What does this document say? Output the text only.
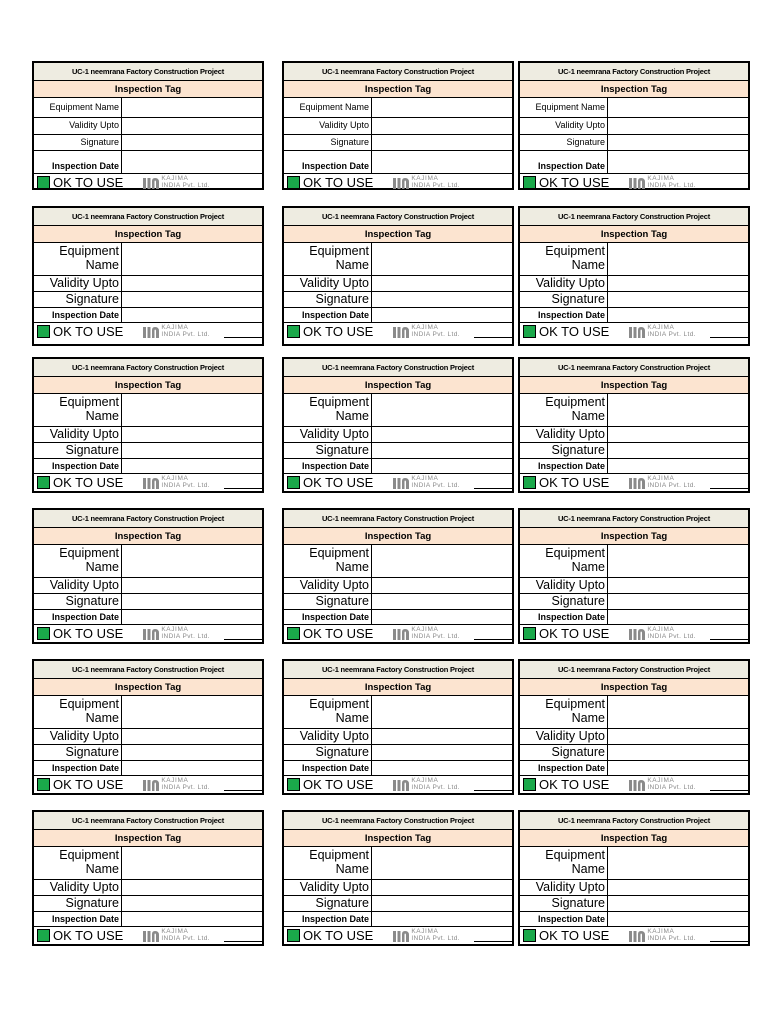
UC-1 neemrana Factory Construction Project
Inspection Tag
Equipment Name
Validity Upto
Signature
Inspection Date
OK TO USE	KAJIMA
INDIA Pvt. Ltd.
UC-1 neemrana Factory Construction Project
Inspection Tag
Equipment Name
Validity Upto
Signature
Inspection Date
OK TO USE	KAJIMA
INDIA Pvt. Ltd.
UC-1 neemrana Factory Construction Project
Inspection Tag
Equipment Name
Validity Upto
Signature
Inspection Date
OK TO USE	KAJIMA
INDIA Pvt. Ltd.
UC-1 neemrana Factory Construction Project
Inspection Tag
Equipment
Name
Validity Upto
Signature
Inspection Date
OK TO USE	KAJIMA
INDIA Pvt. Ltd.
UC-1 neemrana Factory Construction Project
Inspection Tag
Equipment
Name
Validity Upto
Signature
Inspection Date
OK TO USE	KAJIMA
INDIA Pvt. Ltd.
UC-1 neemrana Factory Construction Project
Inspection Tag
Equipment
Name
Validity Upto
Signature
Inspection Date
OK TO USE	KAJIMA
INDIA Pvt. Ltd.
UC-1 neemrana Factory Construction Project
Inspection Tag
Equipment
Name
Validity Upto
Signature
Inspection Date
OK TO USE	KAJIMA
INDIA Pvt. Ltd.
UC-1 neemrana Factory Construction Project
Inspection Tag
Equipment
Name
Validity Upto
Signature
Inspection Date
OK TO USE	KAJIMA
INDIA Pvt. Ltd.
UC-1 neemrana Factory Construction Project
Inspection Tag
Equipment
Name
Validity Upto
Signature
Inspection Date
OK TO USE	KAJIMA
INDIA Pvt. Ltd.
UC-1 neemrana Factory Construction Project
Inspection Tag
Equipment
Name
Validity Upto
Signature
Inspection Date
OK TO USE	KAJIMA
INDIA Pvt. Ltd.
UC-1 neemrana Factory Construction Project
Inspection Tag
Equipment
Name
Validity Upto
Signature
Inspection Date
OK TO USE	KAJIMA
INDIA Pvt. Ltd.
UC-1 neemrana Factory Construction Project
Inspection Tag
Equipment
Name
Validity Upto
Signature
Inspection Date
OK TO USE	KAJIMA
INDIA Pvt. Ltd.
UC-1 neemrana Factory Construction Project
Inspection Tag
Equipment
Name
Validity Upto
Signature
Inspection Date
OK TO USE	KAJIMA
INDIA Pvt. Ltd.
UC-1 neemrana Factory Construction Project
Inspection Tag
Equipment
Name
Validity Upto
Signature
Inspection Date
OK TO USE	KAJIMA
INDIA Pvt. Ltd.
UC-1 neemrana Factory Construction Project
Inspection Tag
Equipment
Name
Validity Upto
Signature
Inspection Date
OK TO USE	KAJIMA
INDIA Pvt. Ltd.
UC-1 neemrana Factory Construction Project
Inspection Tag
Equipment
Name
Validity Upto
Signature
Inspection Date
OK TO USE	KAJIMA
INDIA Pvt. Ltd.
UC-1 neemrana Factory Construction Project
Inspection Tag
Equipment
Name
Validity Upto
Signature
Inspection Date
OK TO USE	KAJIMA
INDIA Pvt. Ltd.
UC-1 neemrana Factory Construction Project
Inspection Tag
Equipment
Name
Validity Upto
Signature
Inspection Date
OK TO USE	KAJIMA
INDIA Pvt. Ltd.
